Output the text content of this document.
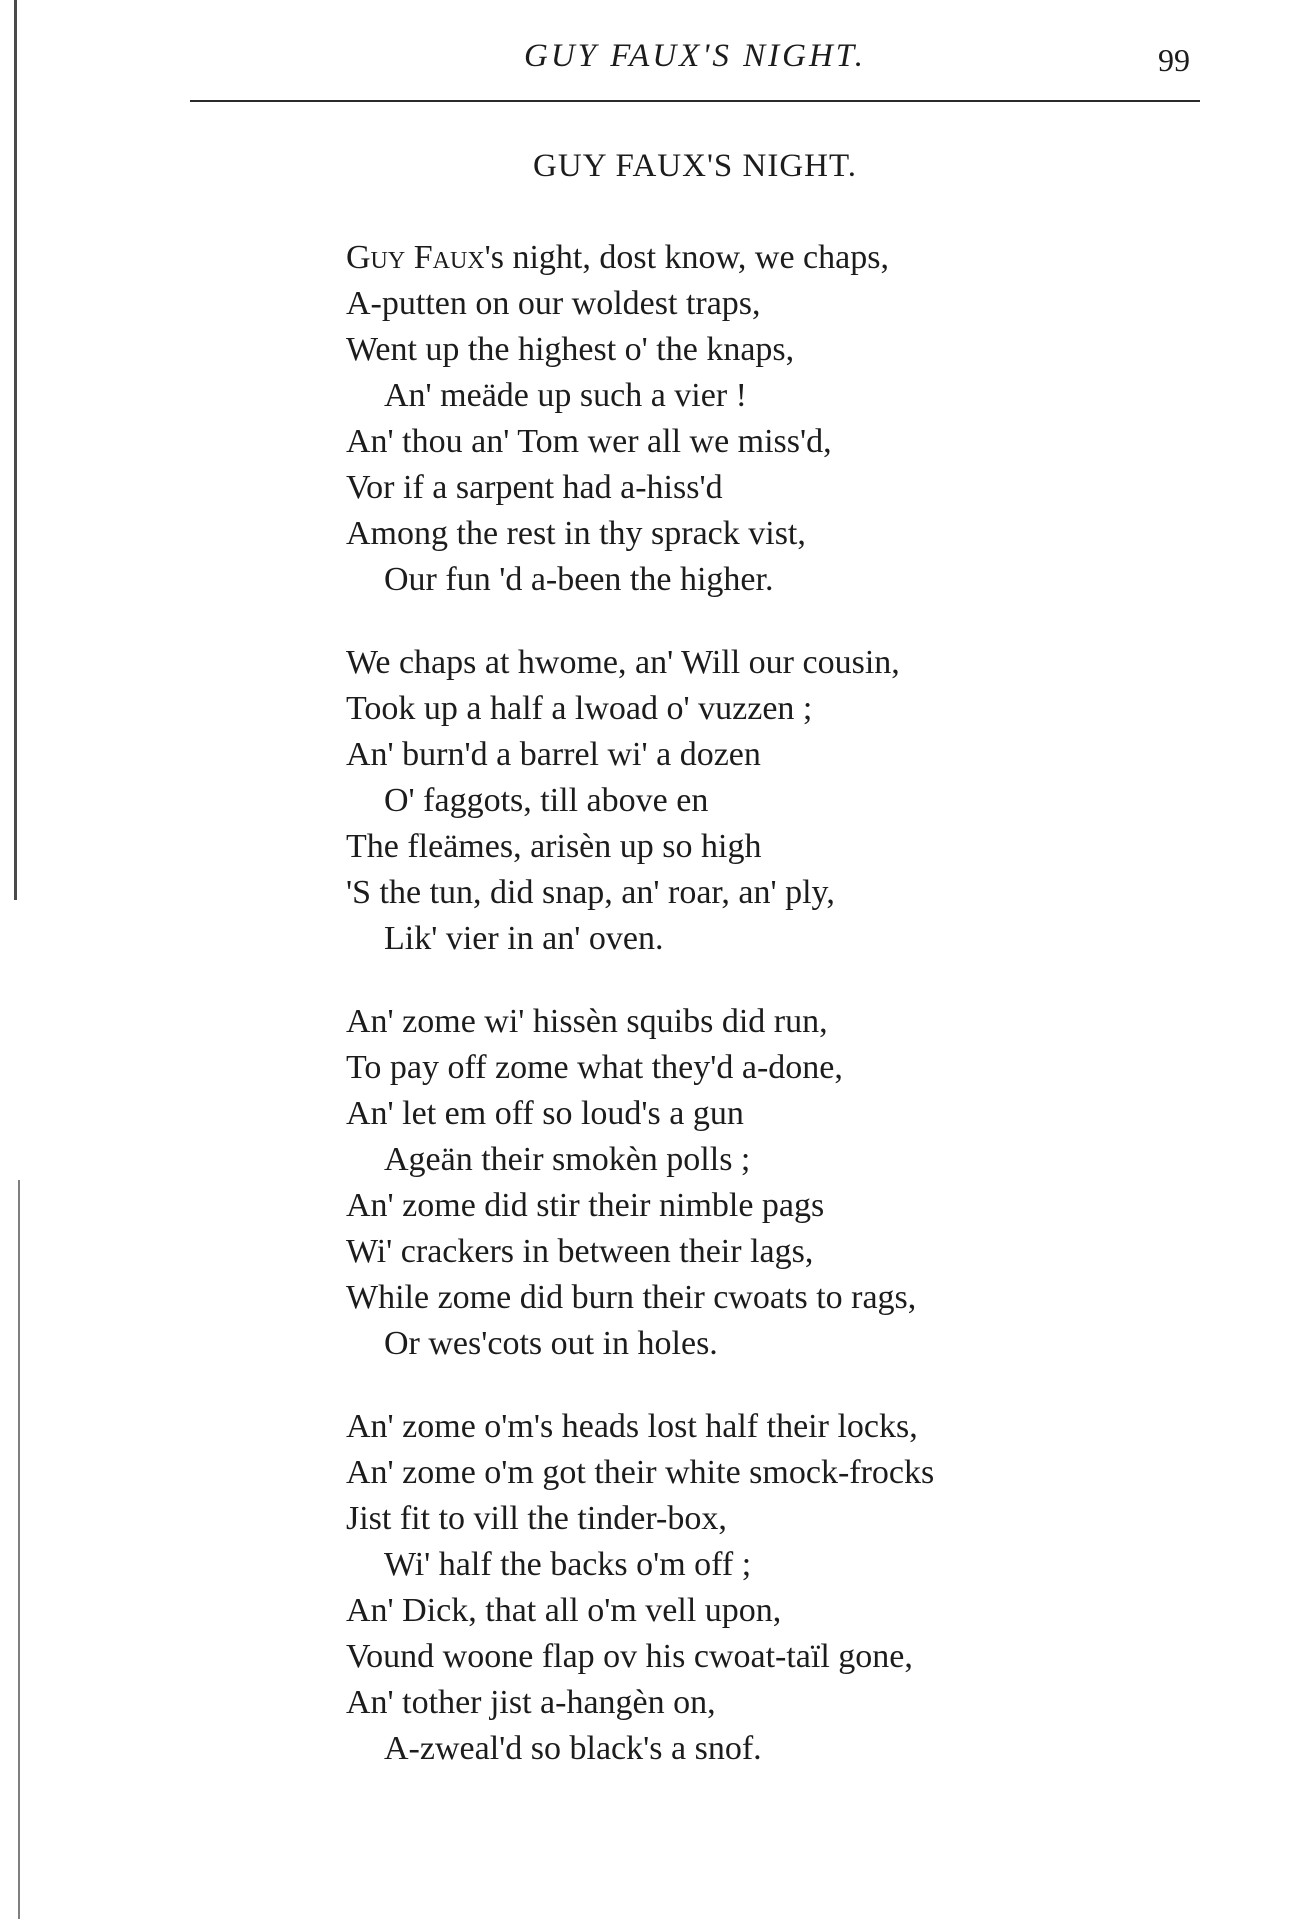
GUY FAUX'S NIGHT.	99
GUY FAUX'S NIGHT.
Guy Faux's night, dost know, we chaps,
A-putten on our woldest traps,
Went up the highest o' the knaps,
An' meäde up such a vier !
An' thou an' Tom wer all we miss'd,
Vor if a sarpent had a-hiss'd
Among the rest in thy sprack vist,
Our fun 'd a-been the higher.
We chaps at hwome, an' Will our cousin,
Took up a half a lwoad o' vuzzen ;
An' burn'd a barrel wi' a dozen
O' faggots, till above en
The fleämes, arisèn up so high
'S the tun, did snap, an' roar, an' ply,
Lik' vier in an' oven.
An' zome wi' hissèn squibs did run,
To pay off zome what they'd a-done,
An' let em off so loud's a gun
Ageän their smokèn polls ;
An' zome did stir their nimble pags
Wi' crackers in between their lags,
While zome did burn their cwoats to rags,
Or wes'cots out in holes.
An' zome o'm's heads lost half their locks,
An' zome o'm got their white smock-frocks
Jist fit to vill the tinder-box,
Wi' half the backs o'm off ;
An' Dick, that all o'm vell upon,
Vound woone flap ov his cwoat-taïl gone,
An' tother jist a-hangèn on,
A-zweal'd so black's a snof.
